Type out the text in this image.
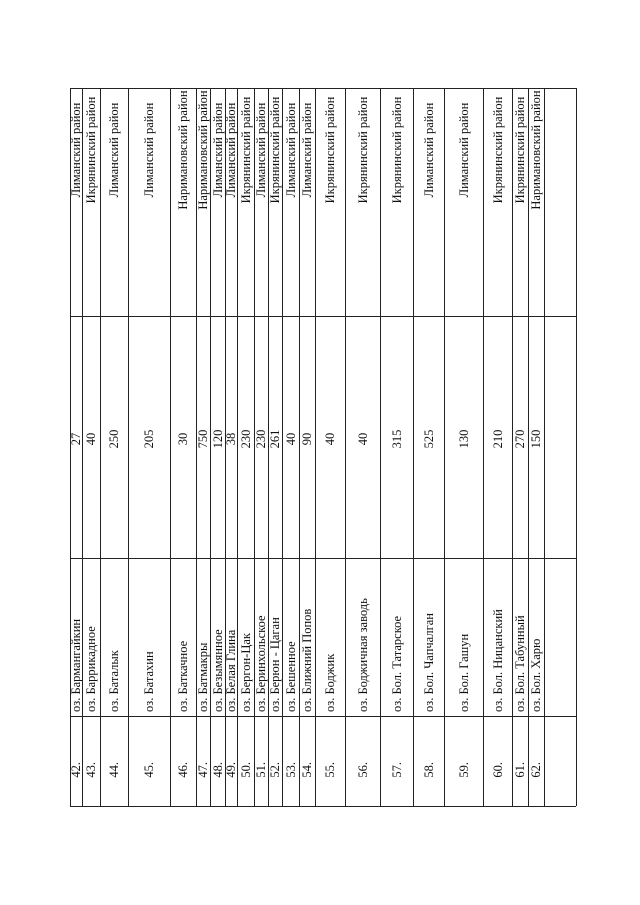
42.
оз. Бармангайкин
27
Лиманский район
43.
оз. Баррикадное
40
Икрянинский район
44.
оз. Баталык
250
Лиманский район
45.
оз. Батахин
205
Лиманский район
46.
оз. Баткачное
30
Наримановский район
47.
оз. Батмакры
750
Наримановский район
48.
оз. Безымянное
120
Лиманский район
49.
оз. Белая Глина
38
Лиманский район
50.
оз. Бергон-Цак
230
Икрянинский район
51.
оз. Беринхольское
230
Лиманский район
52.
оз. Берюн - Цаган
261
Икрянинский район
53.
оз. Бешенное
40
Лиманский район
54.
оз. Ближний Попов
90
Лиманский район
55.
оз. Боджик
40
Икрянинский район
56.
оз. Боджичная заводь
40
Икрянинский район
57.
оз. Бол. Татарское
315
Икрянинский район
58.
оз. Бол. Чапчалган
525
Лиманский район
59.
оз. Бол. Гашун
130
Лиманский район
60.
оз. Бол. Ницанский
210
Икрянинский район
61.
оз. Бол. Табунный
270
Икрянинский район
62.
оз. Бол. Харю
150
Наримановский район
